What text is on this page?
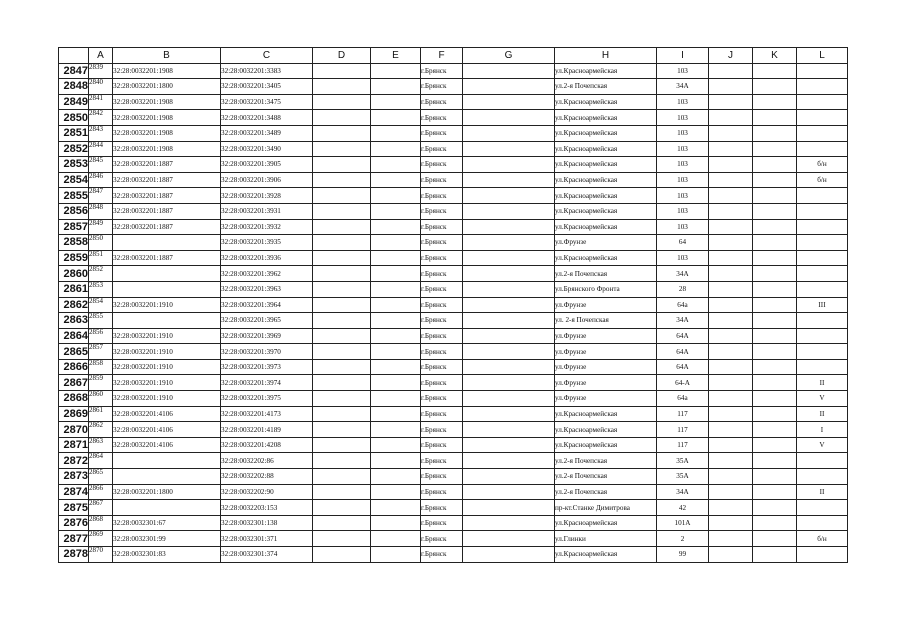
	A	B	C	D	E	F	G	H	I	J	K	L
2847	2839	32:28:0032201:1908	32:28:0032201:3383			г.Брянск		ул.Красноармейская	103			
2848	2840	32:28:0032201:1800	32:28:0032201:3405			г.Брянск		ул.2-я Почепская	34А			
2849	2841	32:28:0032201:1908	32:28:0032201:3475			г.Брянск		ул.Красноармейская	103			
2850	2842	32:28:0032201:1908	32:28:0032201:3488			г.Брянск		ул.Красноармейская	103			
2851	2843	32:28:0032201:1908	32:28:0032201:3489			г.Брянск		ул.Красноармейская	103			
2852	2844	32:28:0032201:1908	32:28:0032201:3490			г.Брянск		ул.Красноармейская	103			
2853	2845	32:28:0032201:1887	32:28:0032201:3905			г.Брянск		ул.Красноармейская	103			б/н
2854	2846	32:28:0032201:1887	32:28:0032201:3906			г.Брянск		ул.Красноармейская	103			б/н
2855	2847	32:28:0032201:1887	32:28:0032201:3928			г.Брянск		ул.Красноармейская	103			
2856	2848	32:28:0032201:1887	32:28:0032201:3931			г.Брянск		ул.Красноармейская	103			
2857	2849	32:28:0032201:1887	32:28:0032201:3932			г.Брянск		ул.Красноармейская	103			
2858	2850		32:28:0032201:3935			г.Брянск		ул.Фрунзе	64			
2859	2851	32:28:0032201:1887	32:28:0032201:3936			г.Брянск		ул.Красноармейская	103			
2860	2852		32:28:0032201:3962			г.Брянск		ул.2-я Почепская	34А			
2861	2853		32:28:0032201:3963			г.Брянск		ул.Брянского Фронта	28			
2862	2854	32:28:0032201:1910	32:28:0032201:3964			г.Брянск		ул.Фрунзе	64а			III
2863	2855		32:28:0032201:3965			г.Брянск		ул. 2-я Почепская	34А			
2864	2856	32:28:0032201:1910	32:28:0032201:3969			г.Брянск		ул.Фрунзе	64А			
2865	2857	32:28:0032201:1910	32:28:0032201:3970			г.Брянск		ул.Фрунзе	64А			
2866	2858	32:28:0032201:1910	32:28:0032201:3973			г.Брянск		ул.Фрунзе	64А			
2867	2859	32:28:0032201:1910	32:28:0032201:3974			г.Брянск		ул.Фрунзе	64-А			II
2868	2860	32:28:0032201:1910	32:28:0032201:3975			г.Брянск		ул.Фрунзе	64а			V
2869	2861	32:28:0032201:4106	32:28:0032201:4173			г.Брянск		ул.Красноармейская	117			II
2870	2862	32:28:0032201:4106	32:28:0032201:4189			г.Брянск		ул.Красноармейская	117			I
2871	2863	32:28:0032201:4106	32:28:0032201:4208			г.Брянск		ул.Красноармейская	117			V
2872	2864		32:28:0032202:86			г.Брянск		ул.2-я Почепская	35А			
2873	2865		32:28:0032202:88			г.Брянск		ул.2-я Почепская	35А			
2874	2866	32:28:0032201:1800	32:28:0032202:90			г.Брянск		ул.2-я Почепская	34А			II
2875	2867		32:28:0032203:153			г.Брянск		пр-кт.Станке Димитрова	42			
2876	2868	32:28:0032301:67	32:28:0032301:138			г.Брянск		ул.Красноармейская	101А			
2877	2869	32:28:0032301:99	32:28:0032301:371			г.Брянск		ул.Глинки	2			б/н
2878	2870	32:28:0032301:83	32:28:0032301:374			г.Брянск		ул.Красноармейская	99			
